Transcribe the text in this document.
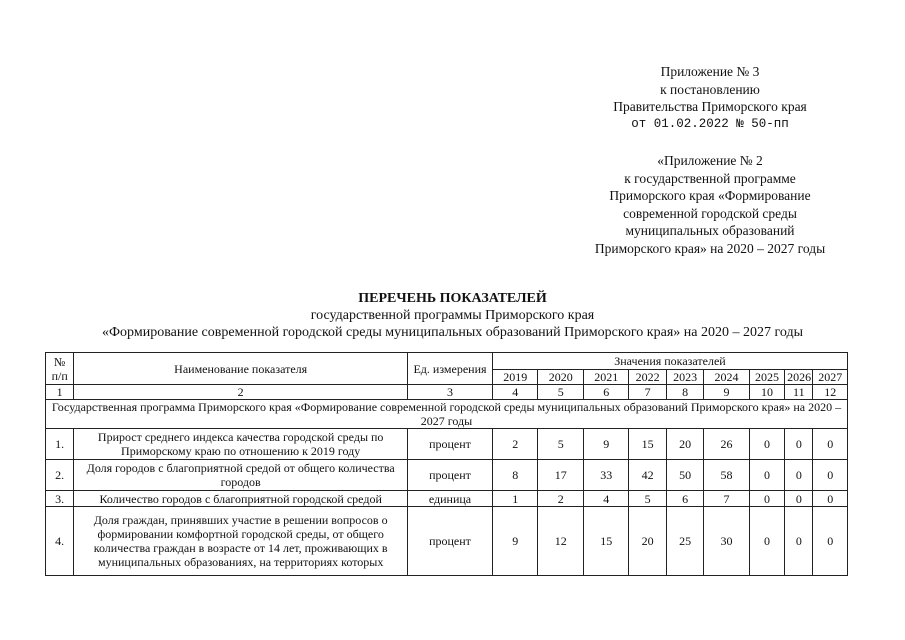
Приложение № 3
к постановлению
Правительства Приморского края
от 01.02.2022 № 50-пп
«Приложение № 2
к государственной программе
Приморского края «Формирование
современной городской среды
муниципальных образований
Приморского края» на 2020 – 2027 годы
ПЕРЕЧЕНЬ ПОКАЗАТЕЛЕЙ
государственной программы Приморского края
«Формирование современной городской среды муниципальных образований Приморского края» на 2020 – 2027 годы
№ п/п	Наименование показателя	Ед. измерения	Значения показателей								
			2019	2020	2021	2022	2023	2024	2025	2026	2027
1	2	3	4	5	6	7	8	9	10	11	12
Государственная программа Приморского края «Формирование современной городской среды муниципальных образований Приморского края» на 2020 – 2027 годы											
1.	Прирост среднего индекса качества городской среды по Приморскому краю по отношению к 2019 году	процент	2	5	9	15	20	26	0	0	0
2.	Доля городов с благоприятной средой от общего количества городов	процент	8	17	33	42	50	58	0	0	0
3.	Количество городов с благоприятной городской средой	единица	1	2	4	5	6	7	0	0	0
4.	Доля граждан, принявших участие в решении вопросов о формировании комфортной городской среды, от общего количества граждан в возрасте от 14 лет, проживающих в муниципальных образованиях, на территориях которых	процент	9	12	15	20	25	30	0	0	0
